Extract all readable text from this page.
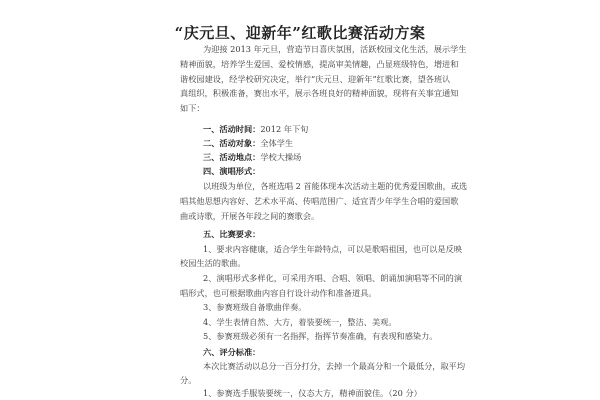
“庆元旦、迎新年”红歌比赛活动方案
为迎接 2013 年元旦，营造节日喜庆氛围，活跃校园文化生活，展示学生
精神面貌，培养学生爱国、爱校情感，提高审美情趣，凸显班级特色，增进和
谐校园建设，经学校研究决定，举行“庆元旦、迎新年”红歌比赛，望各班认
真组织，积极准备，赛出水平，展示各班良好的精神面貌，现将有关事宜通知
如下：
一、活动时间：2012 年下旬
二、活动对象：全体学生
三、活动地点：学校大操场
四、演唱形式：
以班级为单位，各班选唱 2 首能体现本次活动主题的优秀爱国歌曲，或选
唱其他思想内容好、艺术水平高、传唱范围广、适宜青少年学生合唱的爱国歌
曲或诗歌，开展各年段之间的赛歌会。
五、比赛要求：
1、要求内容健康，适合学生年龄特点，可以是歌唱祖国，也可以是反映
校园生活的歌曲。
2、演唱形式多样化，可采用齐唱、合唱、领唱、朗诵加演唱等不同的演
唱形式，也可根据歌曲内容自行设计动作和准备道具。
3、参赛班级自备歌曲伴奏。
4、学生表情自然、大方，着装要统一，整洁、美观。
5、参赛班级必须有一名指挥，指挥节奏准确，有表现和感染力。
六、评分标准：
本次比赛活动以总分一百分打分，去掉一个最高分和一个最低分，取平均
分。
1、参赛选手服装要统一，仪态大方，精神面貌佳。（20 分）
